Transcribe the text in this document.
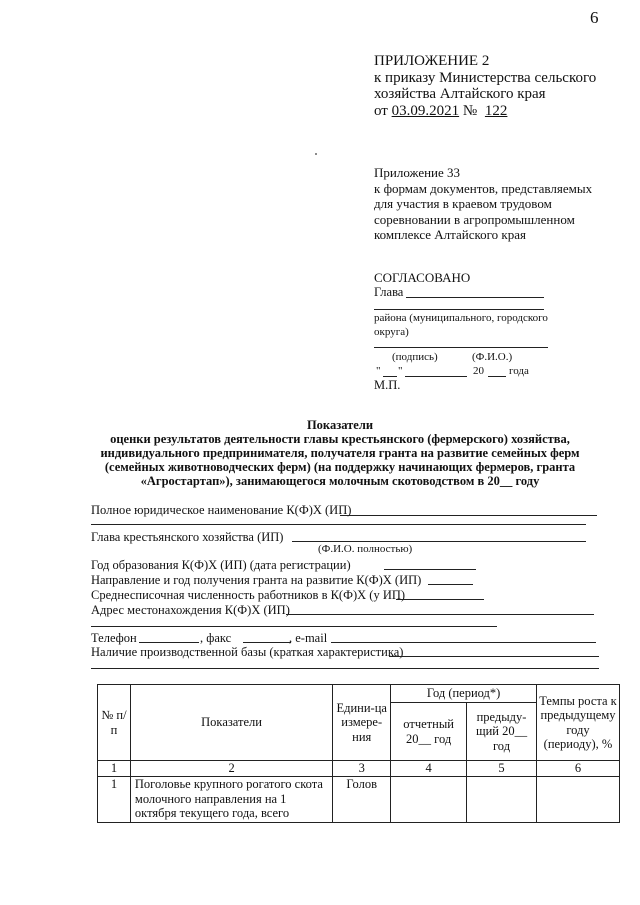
6
ПРИЛОЖЕНИЕ 2
к приказу Министерства сельского
хозяйства Алтайского края
от 03.09.2021 № 122
Приложение 33
к формам документов, представляемых
для участия в краевом трудовом
соревновании в агропромышленном
комплексе Алтайского края
СОГЛАСОВАНО
Глава
района (муниципального, городского
округа)
(подпись)	(Ф.И.О.)
" "	20 года
М.П.
Показатели
оценки результатов деятельности главы крестьянского (фермерского) хозяйства,
индивидуального предпринимателя, получателя гранта на развитие семейных ферм
(семейных животноводческих ферм) (на поддержку начинающих фермеров, гранта
«Агростартап»), занимающегося молочным скотоводством в 20__ году
Полное юридическое наименование К(Ф)Х (ИП)
Глава крестьянского хозяйства (ИП)
(Ф.И.О. полностью)
Год образования К(Ф)Х (ИП) (дата регистрации)
Направление и год получения гранта на развитие К(Ф)Х (ИП)
Среднесписочная численность работников в К(Ф)Х (у ИП)
Адрес местонахождения К(Ф)Х (ИП)
Телефон	, факс	, e-mail
Наличие производственной базы (краткая характеристика)
№ п/п	Показатели	Едини-ца измере-ния	Год (период*)		Темпы роста к предыдущему году (периоду), %
			отчетный 20__ год	предыду-щий 20__ год	
1	2	3	4	5	6
1	Поголовье крупного рогатого скота молочного направления на 1 октября текущего года, всего	Голов			
